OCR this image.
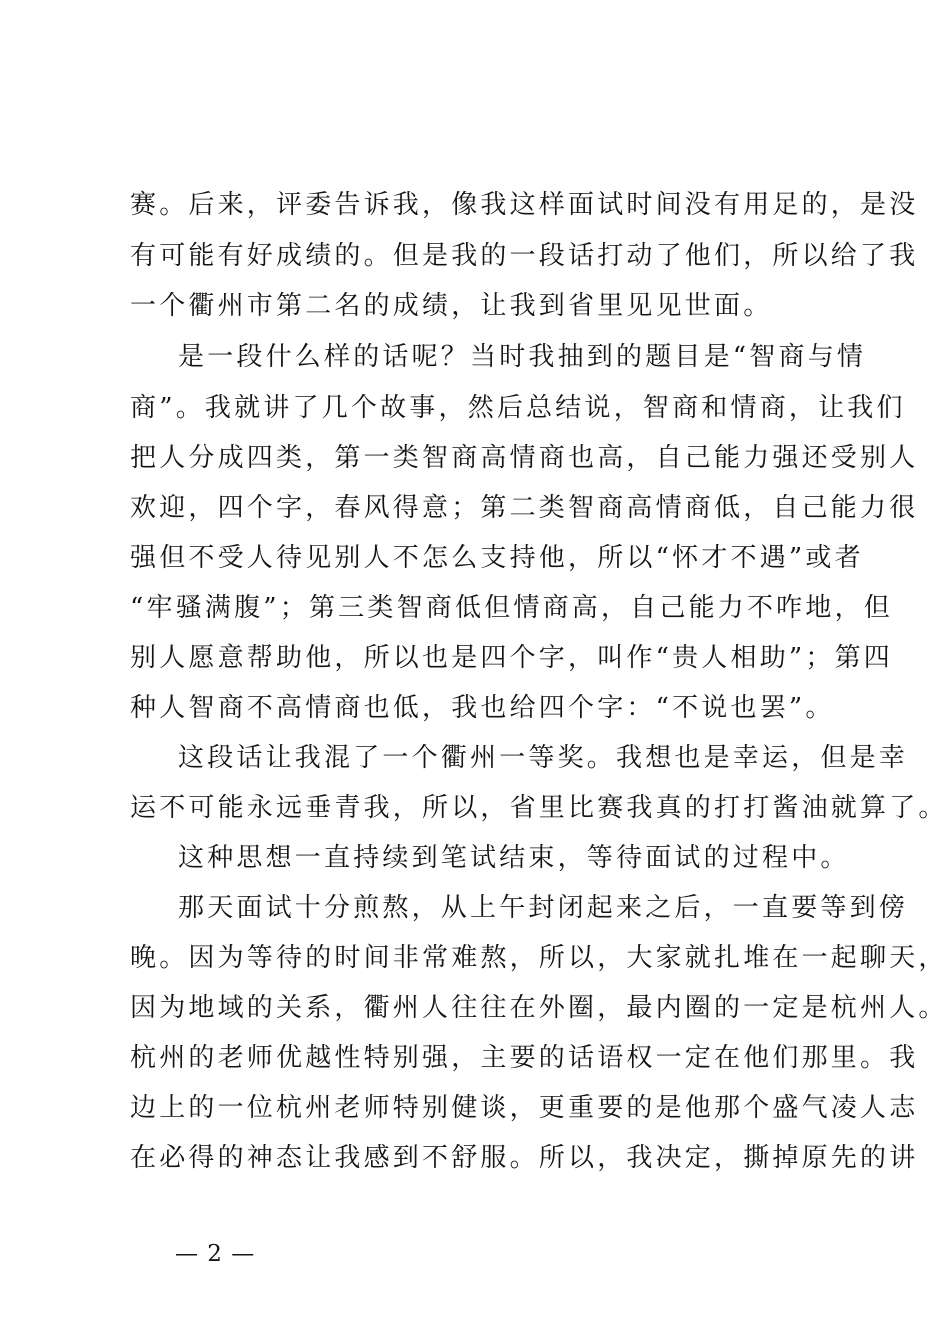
赛。后来，评委告诉我，像我这样面试时间没有用足的，是没
有可能有好成绩的。但是我的一段话打动了他们，所以给了我
一个衢州市第二名的成绩，让我到省里见见世面。
是一段什么样的话呢？当时我抽到的题目是“智商与情
商”。我就讲了几个故事，然后总结说，智商和情商，让我们
把人分成四类，第一类智商高情商也高，自己能力强还受别人
欢迎，四个字，春风得意；第二类智商高情商低，自己能力很
强但不受人待见别人不怎么支持他，所以“怀才不遇”或者
“牢骚满腹”；第三类智商低但情商高，自己能力不咋地，但
别人愿意帮助他，所以也是四个字，叫作“贵人相助”；第四
种人智商不高情商也低，我也给四个字：“不说也罢”。
这段话让我混了一个衢州一等奖。我想也是幸运，但是幸
运不可能永远垂青我，所以，省里比赛我真的打打酱油就算了。
这种思想一直持续到笔试结束，等待面试的过程中。
那天面试十分煎熬，从上午封闭起来之后，一直要等到傍
晚。因为等待的时间非常难熬，所以，大家就扎堆在一起聊天，
因为地域的关系，衢州人往往在外圈，最内圈的一定是杭州人。
杭州的老师优越性特别强，主要的话语权一定在他们那里。我
边上的一位杭州老师特别健谈，更重要的是他那个盛气凌人志
在必得的神态让我感到不舒服。所以，我决定，撕掉原先的讲
— 2 —
